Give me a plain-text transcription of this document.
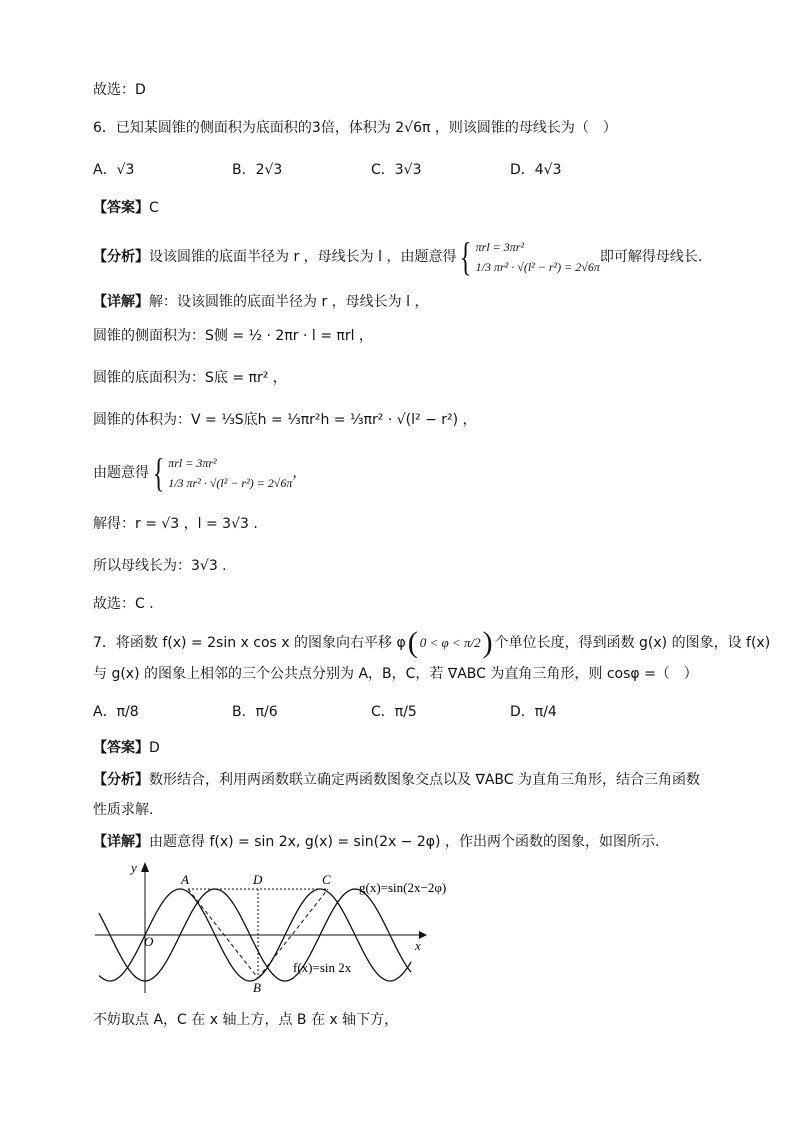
故选：D
6．已知某圆锥的侧面积为底面积的3倍，体积为 2√6π ，则该圆锥的母线长为（　）
A．√3	B．2√3	C．3√3	D．4√3
【答案】C
【分析】 设该圆锥的底面半径为 r ，母线长为 l ，由题意得 { πrl = 3πr²
1/3 πr² · √(l² − r²) = 2√6π
即可解得母线长.
【详解】解：设该圆锥的底面半径为 r ，母线长为 l ，
圆锥的侧面积为：S侧 = ½ · 2πr · l = πrl ，
圆锥的底面积为：S底 = πr² ，
圆锥的体积为：V = ⅓S底h = ⅓πr²h = ⅓πr² · √(l² − r²) ，
由题意得 { πrl = 3πr²
1/3 πr² · √(l² − r²) = 2√6π
，
解得：r = √3 ，l = 3√3 .
所以母线长为：3√3 .
故选：C .
7．将函数 f(x) = 2sin x cos x 的图象向右平移 φ ( 0 < φ < π/2 ) 个单位长度，得到函数 g(x) 的图象，设 f(x)
与 g(x) 的图象上相邻的三个公共点分别为 A，B，C，若 ∇ABC 为直角三角形，则 cosφ =（　）
A．π/8	B．π/6	C．π/5	D．π/4
【答案】D
【分析】数形结合，利用两函数联立确定两函数图象交点以及 ∇ABC 为直角三角形，结合三角函数
性质求解.
【详解】由题意得 f(x) = sin 2x, g(x) = sin(2x − 2φ) ，作出两个函数的图象，如图所示.
y
x
O
A	D	C
B
g(x)=sin(2x−2φ)
f(x)=sin 2x
不妨取点 A，C 在 x 轴上方，点 B 在 x 轴下方，
